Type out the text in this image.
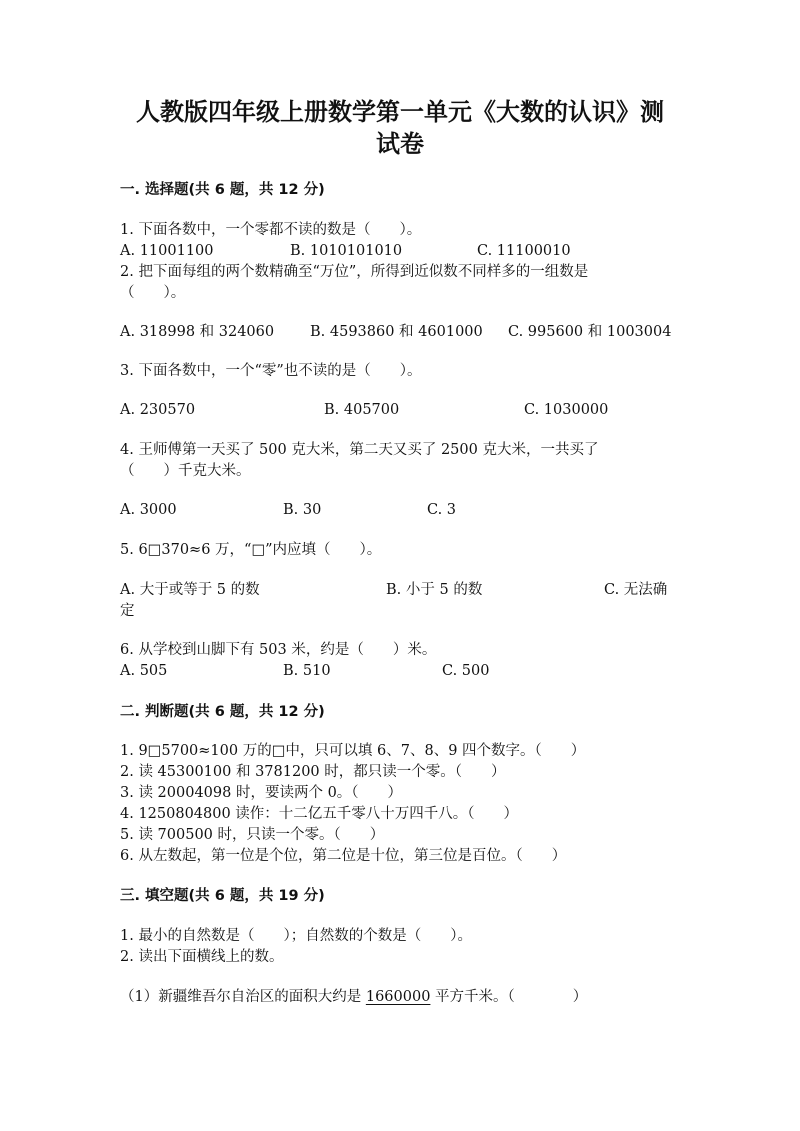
人教版四年级上册数学第一单元《大数的认识》测
试卷
一. 选择题(共 6 题，共 12 分)
1. 下面各数中，一个零都不读的数是（　　）。
A. 11001100	B. 1010101010	C. 11100010
2. 把下面每组的两个数精确至“万位”，所得到近似数不同样多的一组数是
（　　）。
A. 318998 和 324060 B. 4593860 和 4601000 C. 995600 和 1003004
3. 下面各数中，一个“零”也不读的是（　　）。
A. 230570	B. 405700	C. 1030000
4. 王师傅第一天买了 500 克大米，第二天又买了 2500 克大米，一共买了
（　　）千克大米。
A. 3000	B. 30	C. 3
5. 6□370≈6 万，“□”内应填（　　）。
A. 大于或等于 5 的数	B. 小于 5 的数	C. 无法确
定
6. 从学校到山脚下有 503 米，约是（　　）米。
A. 505	B. 510	C. 500
二. 判断题(共 6 题，共 12 分)
1. 9□5700≈100 万的□中，只可以填 6、7、8、9 四个数字。（　　）
2. 读 45300100 和 3781200 时，都只读一个零。（　　）
3. 读 20004098 时，要读两个 0。（　　）
4. 1250804800 读作：十二亿五千零八十万四千八。（　　）
5. 读 700500 时，只读一个零。（　　）
6. 从左数起，第一位是个位，第二位是十位，第三位是百位。（　　）
三. 填空题(共 6 题，共 19 分)
1. 最小的自然数是（　　）；自然数的个数是（　　）。
2. 读出下面横线上的数。
（1）新疆维吾尔自治区的面积大约是 1660000 平方千米。（　　　　）
